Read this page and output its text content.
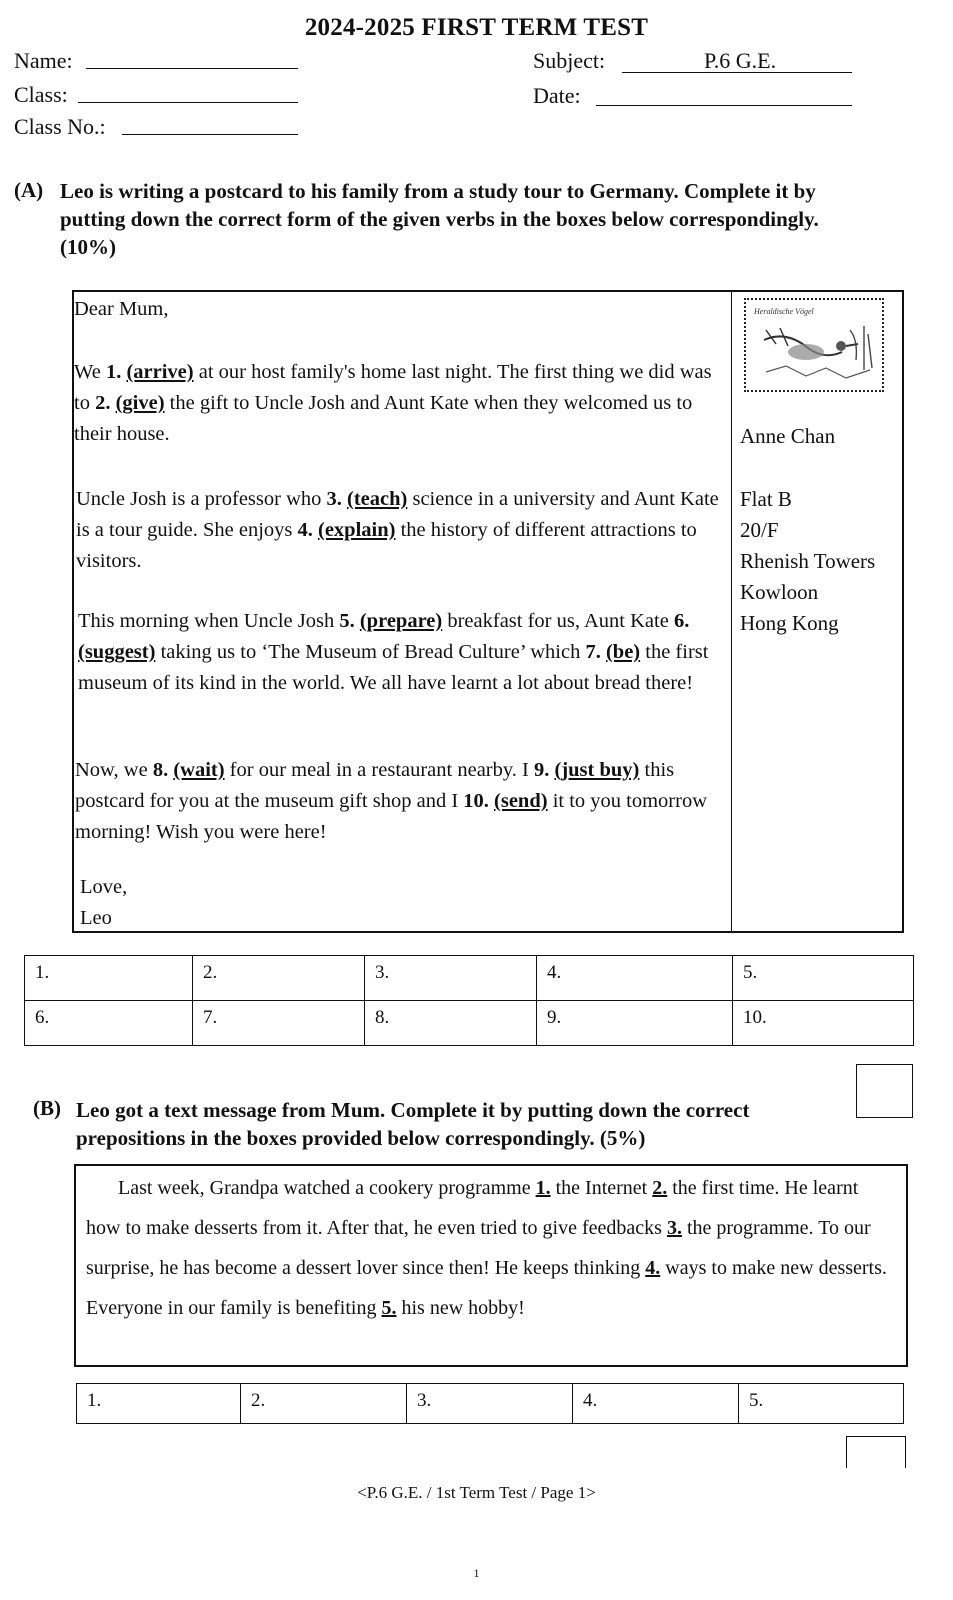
2024-2025 FIRST TERM TEST
Name:
Class:
Class No.:
Subject:	P.6 G.E.
Date:
(A) Leo is writing a postcard to his family from a study tour to Germany. Complete it by
putting down the correct form of the given verbs in the boxes below correspondingly.
(10%)
Dear Mum,
We 1. (arrive) at our host family's home last night. The first thing we did was to 2. (give) the gift to Uncle Josh and Aunt Kate when they welcomed us to their house.
Uncle Josh is a professor who 3. (teach) science in a university and Aunt Kate is a tour guide. She enjoys 4. (explain) the history of different attractions to visitors.
This morning when Uncle Josh 5. (prepare) breakfast for us, Aunt Kate 6. (suggest) taking us to ‘The Museum of Bread Culture’ which 7. (be) the first museum of its kind in the world. We all have learnt a lot about bread there!
Now, we 8. (wait) for our meal in a restaurant nearby. I 9. (just buy) this postcard for you at the museum gift shop and I 10. (send) it to you tomorrow morning! Wish you were here!
Love,
Leo
Heraldische Vögel
Anne Chan
Flat B
20/F
Rhenish Towers
Kowloon
Hong Kong
1.	2.	3.	4.	5.
6.	7.	8.	9.	10.
(B) Leo got a text message from Mum. Complete it by putting down the correct
prepositions in the boxes provided below correspondingly. (5%)
Last week, Grandpa watched a cookery programme 1. the Internet 2. the first time. He learnt how to make desserts from it. After that, he even tried to give feedbacks 3. the programme. To our surprise, he has become a dessert lover since then! He keeps thinking 4. ways to make new desserts. Everyone in our family is benefiting 5. his new hobby!
1.	2.	3.	4.	5.
<P.6 G.E. / 1st Term Test / Page 1>
1
